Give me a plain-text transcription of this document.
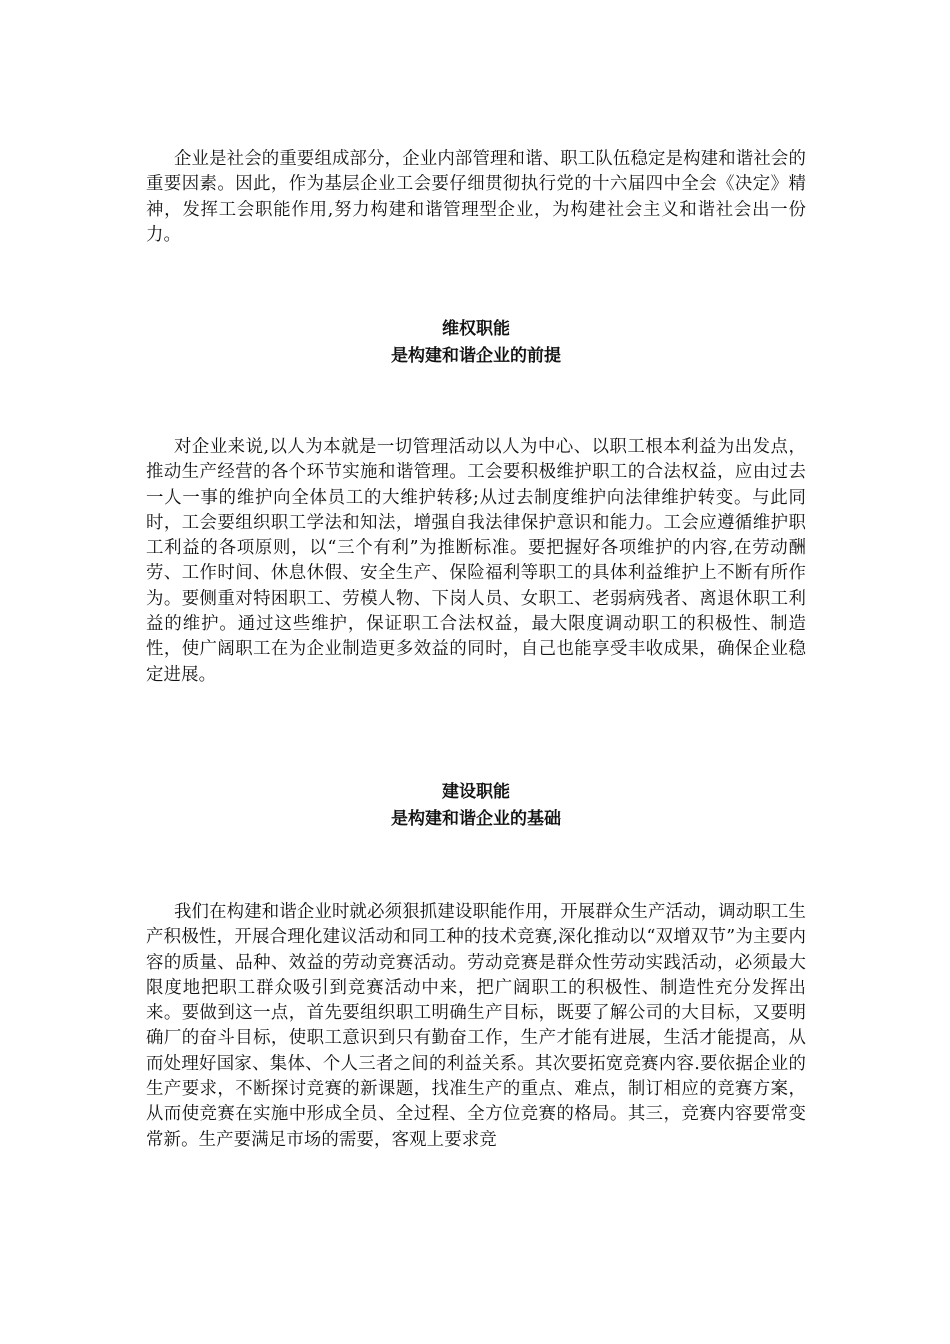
企业是社会的重要组成部分，企业内部管理和谐、职工队伍稳定是构建和谐社会的重要因素。因此，作为基层企业工会要仔细贯彻执行党的十六届四中全会《决定》精神，发挥工会职能作用,努力构建和谐管理型企业，为构建社会主义和谐社会出一份力。

维权职能
是构建和谐企业的前提

对企业来说,以人为本就是一切管理活动以人为中心、以职工根本利益为出发点，推动生产经营的各个环节实施和谐管理。工会要积极维护职工的合法权益，应由过去一人一事的维护向全体员工的大维护转移;从过去制度维护向法律维护转变。与此同时，工会要组织职工学法和知法，增强自我法律保护意识和能力。工会应遵循维护职工利益的各项原则，以“三个有利”为推断标准。要把握好各项维护的内容,在劳动酬劳、工作时间、休息休假、安全生产、保险福利等职工的具体利益维护上不断有所作为。要侧重对特困职工、劳模人物、下岗人员、女职工、老弱病残者、离退休职工利益的维护。通过这些维护，保证职工合法权益，最大限度调动职工的积极性、制造性，使广阔职工在为企业制造更多效益的同时，自己也能享受丰收成果，确保企业稳定进展。

建设职能
是构建和谐企业的基础

我们在构建和谐企业时就必须狠抓建设职能作用，开展群众生产活动，调动职工生产积极性，开展合理化建议活动和同工种的技术竞赛,深化推动以“双增双节”为主要内容的质量、品种、效益的劳动竞赛活动。劳动竞赛是群众性劳动实践活动，必须最大限度地把职工群众吸引到竞赛活动中来，把广阔职工的积极性、制造性充分发挥出来。要做到这一点，首先要组织职工明确生产目标，既要了解公司的大目标，又要明确厂的奋斗目标，使职工意识到只有勤奋工作，生产才能有进展，生活才能提高，从而处理好国家、集体、个人三者之间的利益关系。其次要拓宽竞赛内容.要依据企业的生产要求，不断探讨竞赛的新课题，找准生产的重点、难点，制订相应的竞赛方案，从而使竞赛在实施中形成全员、全过程、全方位竞赛的格局。其三，竞赛内容要常变常新。生产要满足市场的需要，客观上要求竞
